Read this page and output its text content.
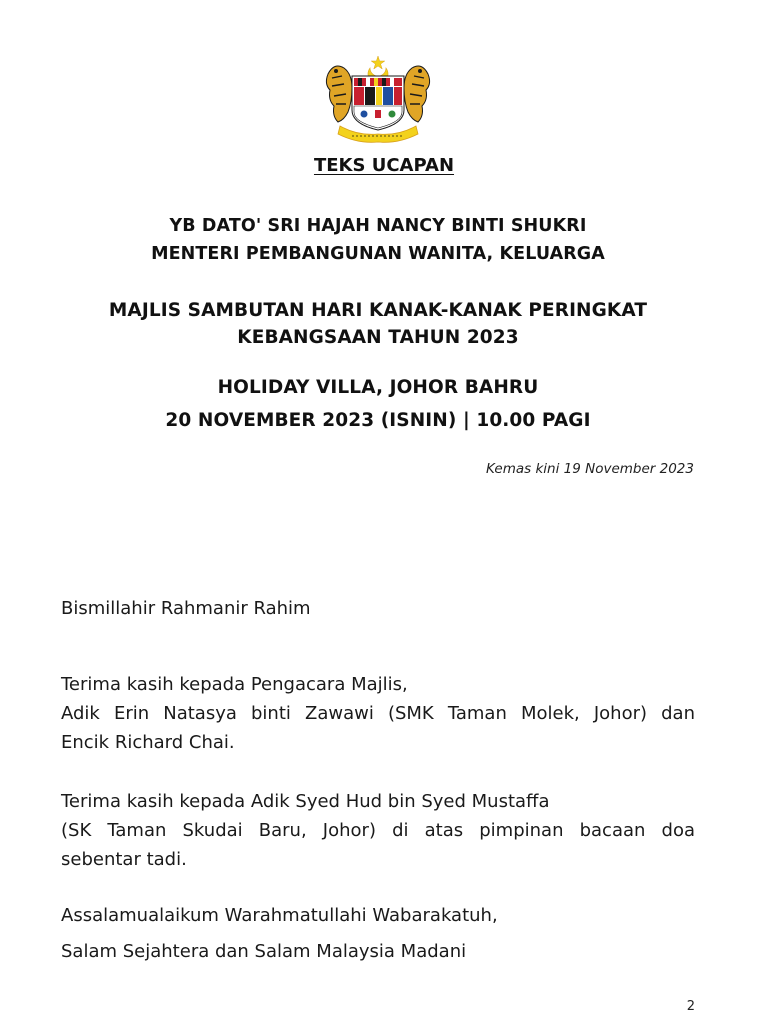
TEKS UCAPAN
YB DATO' SRI HAJAH NANCY BINTI SHUKRI
MENTERI PEMBANGUNAN WANITA, KELUARGA
MAJLIS SAMBUTAN HARI KANAK-KANAK PERINGKAT
KEBANGSAAN TAHUN 2023
HOLIDAY VILLA, JOHOR BAHRU
20 NOVEMBER 2023 (ISNIN) | 10.00 PAGI
Kemas kini 19 November 2023
Bismillahir Rahmanir Rahim
Terima kasih kepada Pengacara Majlis,
Adik Erin Natasya binti Zawawi (SMK Taman Molek, Johor) dan
Encik Richard Chai.
Terima kasih kepada Adik Syed Hud bin Syed Mustaffa
(SK Taman Skudai Baru, Johor) di atas pimpinan bacaan doa
sebentar tadi.
Assalamualaikum Warahmatullahi Wabarakatuh,
Salam Sejahtera dan Salam Malaysia Madani
2
